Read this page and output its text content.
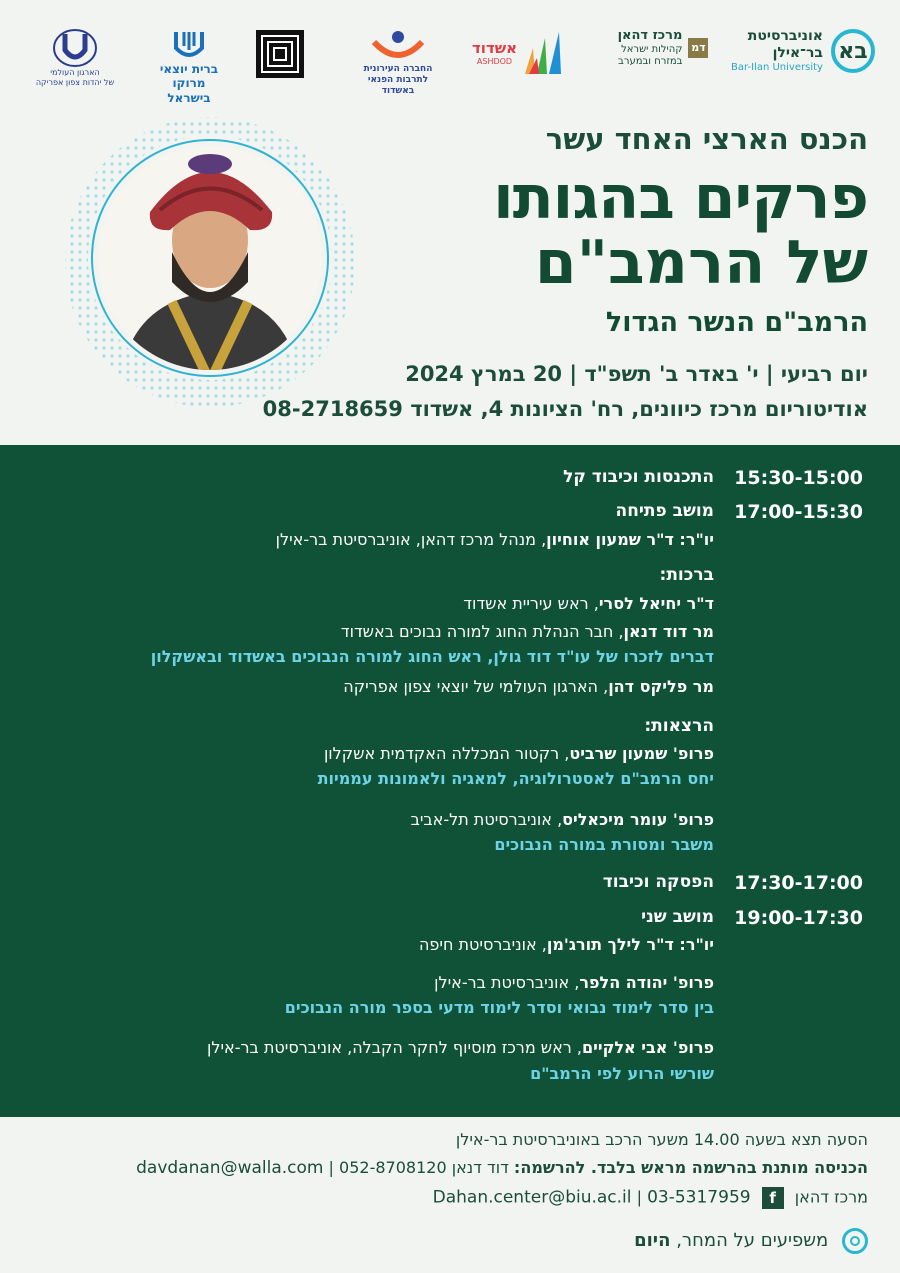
אוניברסיטת
בר־אילן
Bar-Ilan University
בא
מרכז דהאן
קהילות ישראל
במזרח ובמערב
דמ
אשדוד
ASHDOD
החברה העירונית
לתרבות הפנאי באשדוד
ברית יוצאי מרוקו
בישראל
הארגון העולמי
של יהדות צפון אפריקה
הכנס הארצי האחד עשר
פרקים בהגותו
של הרמב"ם
הרמב"ם הנשר הגדול
יום רביעי | י' באדר ב' תשפ"ד | 20 במרץ 2024
אודיטוריום מרכז כיוונים, רח' הציונות 4, אשדוד 08-2718659
15:30-15:00
התכנסות וכיבוד קל
17:00-15:30
מושב פתיחה
יו"ר: ד"ר שמעון אוחיון, מנהל מרכז דהאן, אוניברסיטת בר-אילן
ברכות:
ד"ר יחיאל לסרי, ראש עיריית אשדוד
מר דוד דנאן, חבר הנהלת החוג למורה נבוכים באשדוד
דברים לזכרו של עו"ד דוד גולן, ראש החוג למורה הנבוכים באשדוד ובאשקלון
מר פליקס דהן, הארגון העולמי של יוצאי צפון אפריקה
הרצאות:
פרופ' שמעון שרביט, רקטור המכללה האקדמית אשקלון
יחס הרמב"ם לאסטרולוגיה, למאגיה ולאמונות עממיות
פרופ' עומר מיכאליס, אוניברסיטת תל-אביב
משבר ומסורת במורה הנבוכים
17:30-17:00
הפסקה וכיבוד
19:00-17:30
מושב שני
יו"ר: ד"ר לילך תורג'מן, אוניברסיטת חיפה
פרופ' יהודה הלפר, אוניברסיטת בר-אילן
בין סדר לימוד נבואי וסדר לימוד מדעי בספר מורה הנבוכים
פרופ' אבי אלקיים, ראש מרכז מוסיוף לחקר הקבלה, אוניברסיטת בר-אילן
שורשי הרוע לפי הרמב"ם
הסעה תצא בשעה 14.00 משער הרכב באוניברסיטת בר-אילן
הכניסה מותנת בהרשמה מראש בלבד. להרשמה: דוד דנאן 052-8708120 | davdanan@walla.com
מרכז דהאן f Dahan.center@biu.ac.il | 03-5317959
משפיעים על המחר, היום
